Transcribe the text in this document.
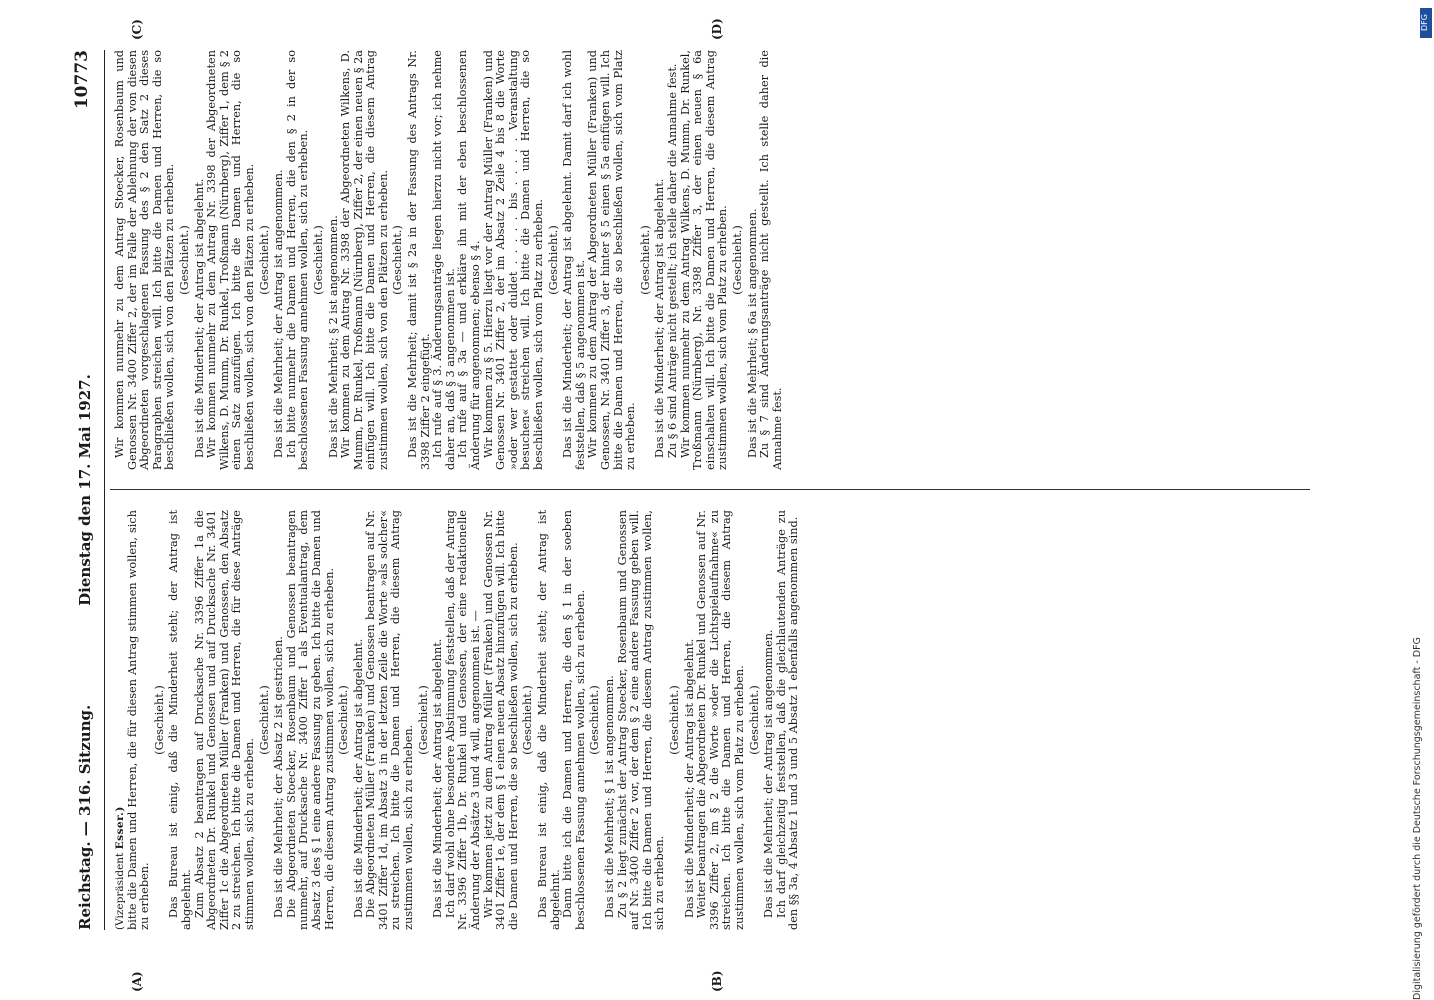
Reichstag. — 316. Sitzung.
Dienstag den 17. Mai 1927.
10773
(A)	(B)
(C)	(D)

(Vizepräsident Esser.) bitte die Damen und Herren, die für diesen Antrag stimmen wollen, sich zu erheben.

(Geschieht.) Das Bureau ist einig, daß die Minderheit steht; der Antrag ist abgelehnt. Zum Absatz 2 beantragen auf Drucksache Nr. 3396 Ziffer 1a die Abgeordneten Dr. Runkel und Genossen und auf Drucksache Nr. 3401 Ziffer 1c die Abgeordneten Müller (Franken) und Genossen, den Absatz 2 zu streichen. Ich bitte die Damen und Herren, die für diese Anträge stimmen wollen, sich zu erheben.

(Geschieht.) Das ist die Mehrheit; der Absatz 2 ist gestrichen. Die Abgeordneten Stoecker, Rosenbaum und Genossen beantragen nunmehr, auf Drucksache Nr. 3400 Ziffer 1 als Eventualantrag, dem Absatz 3 des § 1 eine andere Fassung zu geben. Ich bitte die Damen und Herren, die diesem Antrag zustimmen wollen, sich zu erheben. (Geschieht.) Das ist die Minderheit; der Antrag ist abgelehnt. Die Abgeordneten Müller (Franken) und Genossen beantragen auf Nr. 3401 Ziffer 1d, im Absatz 3 in der letzten Zeile die Worte »als solcher« zu streichen. Ich bitte die Damen und Herren, die diesem Antrag zustimmen wollen, sich zu erheben.

(Geschieht.) Das ist die Minderheit; der Antrag ist abgelehnt. Ich darf wohl ohne besondere Abstimmung feststellen, daß der Antrag Nr. 3396 Ziffer 1b, Dr. Runkel und Genossen, der eine redaktionelle Änderung der Absätze 3 und 4 will, angenommen ist. — Wir kommen jetzt zu dem Antrag Müller (Franken) und Genossen Nr. 3401 Ziffer 1e, der dem § 1 einen neuen Absatz hinzufügen will. Ich bitte die Damen und Herren, die so beschließen wollen, sich zu erheben. (Geschieht.) Das Bureau ist einig, daß die Minderheit steht; der Antrag ist abgelehnt. Dann bitte ich die Damen und Herren, die den § 1 in der soeben beschlossenen Fassung annehmen wollen, sich zu erheben. (Geschieht.) Das ist die Mehrheit; § 1 ist angenommen. Zu § 2 liegt zunächst der Antrag Stoecker, Rosenbaum und Genossen auf Nr. 3400 Ziffer 2 vor, der dem § 2 eine andere Fassung geben will. Ich bitte die Damen und Herren, die diesem Antrag zustimmen wollen, sich zu erheben.

(Geschieht.) Das ist die Minderheit; der Antrag ist abgelehnt. Weiter beantragen die Abgeordneten Dr. Runkel und Genossen auf Nr. 3396 Ziffer 2, im § 2 die Worte »oder die Lichtspielaufnahme« zu streichen. Ich bitte die Damen und Herren, die diesem Antrag zustimmen wollen, sich vom Platz zu erheben. (Geschieht.) Das ist die Mehrheit; der Antrag ist angenommen. Ich darf gleichzeitig feststellen, daß die gleichlautenden Anträge zu den §§ 3a, 4 Absatz 1 und 3 und 5 Absatz 1 ebenfalls angenommen sind.

Wir kommen nunmehr zu dem Antrag Stoecker, Rosenbaum und Genossen Nr. 3400 Ziffer 2, der im Falle der Ablehnung der von diesen Abgeordneten vorgeschlagenen Fassung des § 2 den Satz 2 dieses Paragraphen streichen will. Ich bitte die Damen und Herren, die so beschließen wollen, sich von den Plätzen zu erheben. (Geschieht.) Das ist die Minderheit; der Antrag ist abgelehnt. Wir kommen nunmehr zu dem Antrag Nr. 3398 der Abgeordneten Wilkens, D. Mumm, Dr. Runkel, Troßmann (Nürnberg), Ziffer 1, dem § 2 einen Satz anzufügen. Ich bitte die Damen und Herren, die so beschließen wollen, sich von den Plätzen zu erheben. (Geschieht.) Das ist die Mehrheit; der Antrag ist angenommen. Ich bitte nunmehr die Damen und Herren, die den § 2 in der so beschlossenen Fassung annehmen wollen, sich zu erheben. (Geschieht.) Das ist die Mehrheit; § 2 ist angenommen. Wir kommen zu dem Antrag Nr. 3398 der Abgeordneten Wilkens, D. Mumm, Dr. Runkel, Troßmann (Nürnberg), Ziffer 2, der einen neuen § 2a einfügen will. Ich bitte die Damen und Herren, die diesem Antrag zustimmen wollen, sich von den Plätzen zu erheben. (Geschieht.) Das ist die Mehrheit; damit ist § 2a in der Fassung des Antrags Nr. 3398 Ziffer 2 eingefügt. Ich rufe auf § 3. Änderungsanträge liegen hierzu nicht vor; ich nehme daher an, daß § 3 angenommen ist. Ich rufe auf § 3a — und erkläre ihn mit der eben beschlossenen Änderung für angenommen; ebenso § 4. Wir kommen zu § 5. Hierzu liegt vor der Antrag Müller (Franken) und Genossen Nr. 3401 Ziffer 2, der im Absatz 2 Zeile 4 bis 8 die Worte »oder wer gestattet oder duldet . . . . . bis . . . . . Veranstaltung besuchen« streichen will. Ich bitte die Damen und Herren, die so beschließen wollen, sich vom Platz zu erheben. (Geschieht.) Das ist die Minderheit; der Antrag ist abgelehnt. Damit darf ich wohl feststellen, daß § 5 angenommen ist. Wir kommen zu dem Antrag der Abgeordneten Müller (Franken) und Genossen, Nr. 3401 Ziffer 3, der hinter § 5 einen § 5a einfügen will. Ich bitte die Damen und Herren, die so beschließen wollen, sich vom Platz zu erheben.

(Geschieht.) Das ist die Minderheit; der Antrag ist abgelehnt. Zu § 6 sind Anträge nicht gestellt; ich stelle daher die Annahme fest. Wir kommen nunmehr zu dem Antrag Wilkens, D. Mumm, Dr. Runkel, Troßmann (Nürnberg), Nr. 3398 Ziffer 3, der einen neuen § 6a einschalten will. Ich bitte die Damen und Herren, die diesem Antrag zustimmen wollen, sich vom Platz zu erheben. (Geschieht.) Das ist die Mehrheit; § 6a ist angenommen. Zu § 7 sind Änderungsanträge nicht gestellt. Ich stelle daher die Annahme fest.

DFG
Digitalisierung gefördert durch die Deutsche Forschungsgemeinschaft - DFG
